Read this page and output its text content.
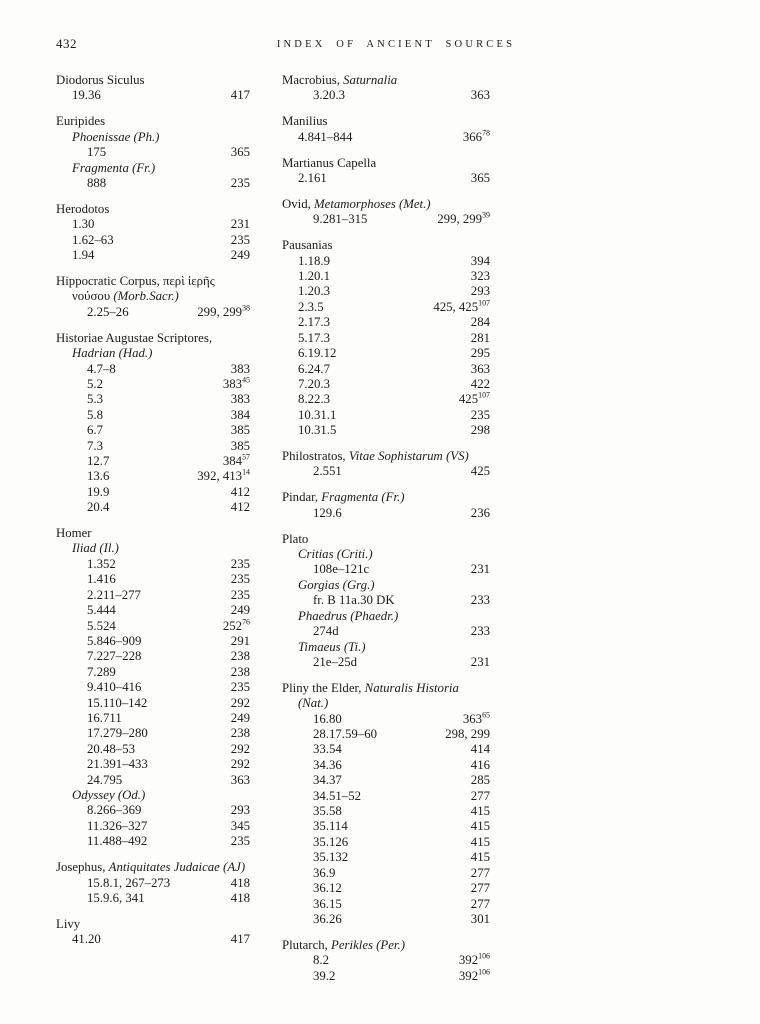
432	INDEX OF ANCIENT SOURCES
Diodorus Siculus
19.36	417
Euripides
Phoenissae (Ph.)
175	365
Fragmenta (Fr.)
888	235
Herodotos
1.30	231
1.62–63	235
1.94	249
Hippocratic Corpus, περὶ ἱερῆς
νούσου (Morb.Sacr.)
2.25–26	299, $299^{38}$
Historiae Augustae Scriptores,
Hadrian (Had.)
4.7–8	383
5.2	$383^{45}$
5.3	383
5.8	384
6.7	385
7.3	385
12.7	$384^{57}$
13.6	392, $413^{14}$
19.9	412
20.4	412
Homer
Iliad (Il.)
1.352	235
1.416	235
2.211–277	235
5.444	249
5.524	$252^{76}$
5.846–909	291
7.227–228	238
7.289	238
9.410–416	235
15.110–142	292
16.711	249
17.279–280	238
20.48–53	292
21.391–433	292
24.795	363
Odyssey (Od.)
8.266–369	293
11.326–327	345
11.488–492	235
Josephus, Antiquitates Judaicae (AJ)
15.8.1, 267–273	418
15.9.6, 341	418
Livy
41.20	417
Macrobius, Saturnalia
3.20.3	363
Manilius
4.841–844	$366^{78}$
Martianus Capella
2.161	365
Ovid, Metamorphoses (Met.)
9.281–315	299, $299^{39}$
Pausanias
1.18.9	394
1.20.1	323
1.20.3	293
2.3.5	425, $425^{107}$
2.17.3	284
5.17.3	281
6.19.12	295
6.24.7	363
7.20.3	422
8.22.3	$425^{107}$
10.31.1	235
10.31.5	298
Philostratos, Vitae Sophistarum (VS)
2.551	425
Pindar, Fragmenta (Fr.)
129.6	236
Plato
Critias (Criti.)
108e–121c	231
Gorgias (Grg.)
fr. B 11a.30 DK	233
Phaedrus (Phaedr.)
274d	233
Timaeus (Ti.)
21e–25d	231
Pliny the Elder, Naturalis Historia
(Nat.)
16.80	$363^{65}$
28.17.59–60	298, 299
33.54	414
34.36	416
34.37	285
34.51–52	277
35.58	415
35.114	415
35.126	415
35.132	415
36.9	277
36.12	277
36.15	277
36.26	301
Plutarch, Perikles (Per.)
8.2	$392^{106}$
39.2	$392^{106}$
